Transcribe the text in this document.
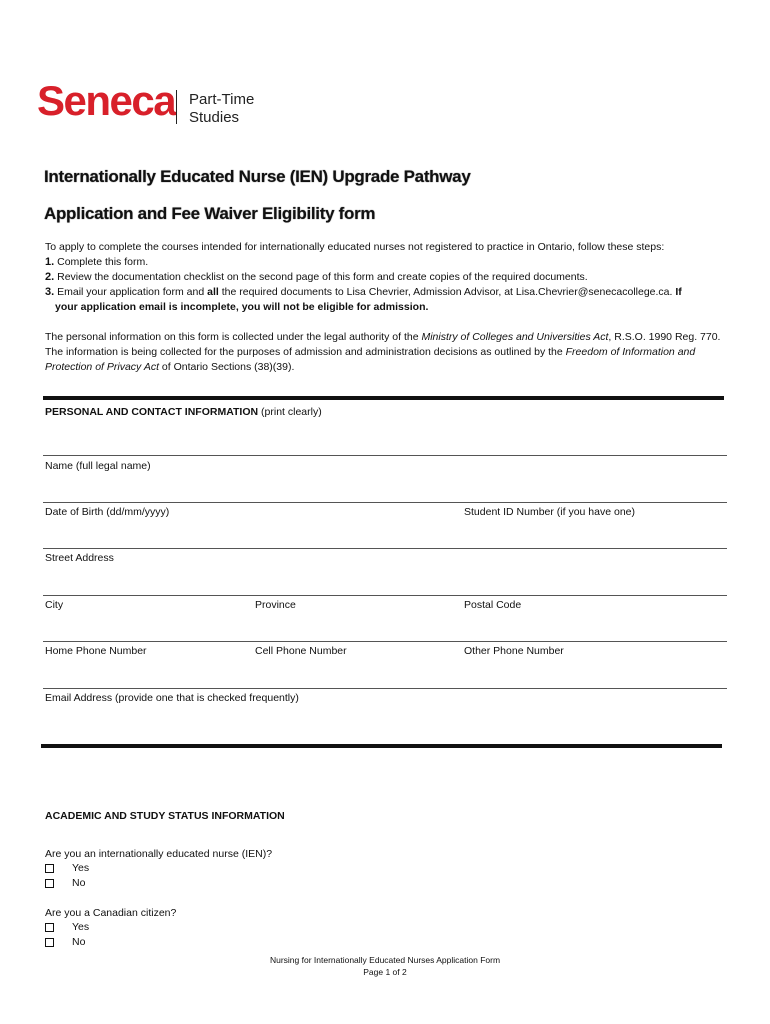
Seneca Part-Time
Studies
Internationally Educated Nurse (IEN) Upgrade Pathway
Application and Fee Waiver Eligibility form
To apply to complete the courses intended for internationally educated nurses not registered to practice in Ontario, follow these steps:
1. Complete this form.
2. Review the documentation checklist on the second page of this form and create copies of the required documents.
3. Email your application form and all the required documents to Lisa Chevrier, Admission Advisor, at Lisa.Chevrier@senecacollege.ca. If
your application email is incomplete, you will not be eligible for admission.
The personal information on this form is collected under the legal authority of the Ministry of Colleges and Universities Act, R.S.O. 1990 Reg. 770.
The information is being collected for the purposes of admission and administration decisions as outlined by the Freedom of Information and
Protection of Privacy Act of Ontario Sections (38)(39).
PERSONAL AND CONTACT INFORMATION (print clearly)
Name (full legal name)
Date of Birth (dd/mm/yyyy)	Student ID Number (if you have one)
Street Address
City	Province	Postal Code
Home Phone Number	Cell Phone Number	Other Phone Number
Email Address (provide one that is checked frequently)
ACADEMIC AND STUDY STATUS INFORMATION
Are you an internationally educated nurse (IEN)?
Yes
No
Are you a Canadian citizen?
Yes
No
Nursing for Internationally Educated Nurses Application Form
Page 1 of 2
